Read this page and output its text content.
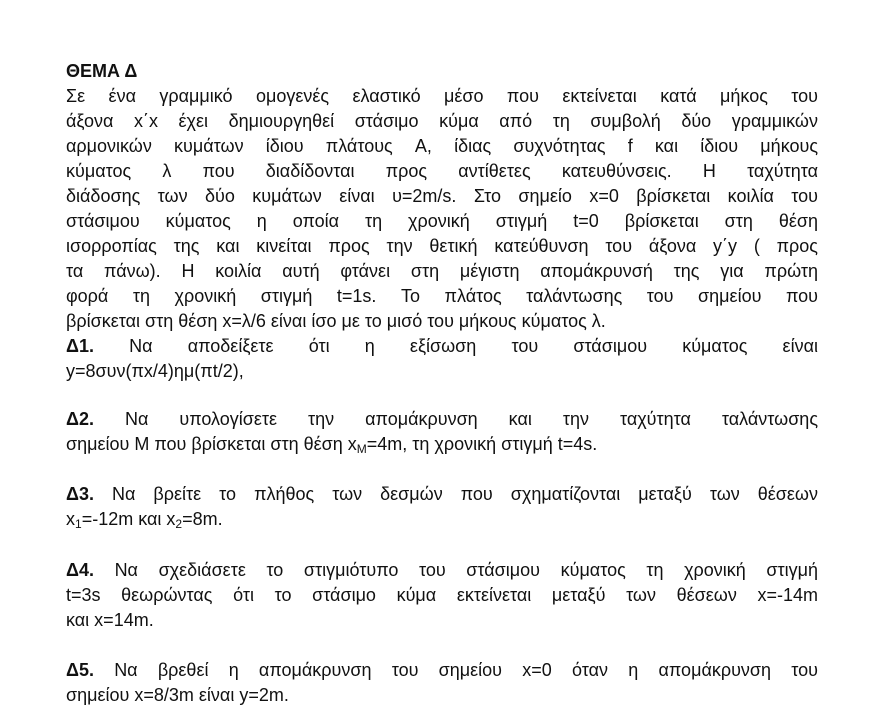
ΘΕΜΑ Δ
Σε ένα γραμμικό ομογενές ελαστικό μέσο που εκτείνεται κατά μήκος του
άξονα x΄x έχει δημιουργηθεί στάσιμο κύμα από τη συμβολή δύο γραμμικών
αρμονικών κυμάτων ίδιου πλάτους A, ίδιας συχνότητας f και ίδιου μήκους
κύματος λ που διαδίδονται προς αντίθετες κατευθύνσεις. Η ταχύτητα
διάδοσης των δύο κυμάτων είναι υ=2m/s. Στο σημείο x=0 βρίσκεται κοιλία του
στάσιμου κύματος η οποία τη χρονική στιγμή t=0 βρίσκεται στη θέση
ισορροπίας της και κινείται προς την θετική κατεύθυνση του άξονα y΄y ( προς
τα πάνω). Η κοιλία αυτή φτάνει στη μέγιστη απομάκρυνσή της για πρώτη
φορά τη χρονική στιγμή t=1s. Το πλάτος ταλάντωσης του σημείου που
βρίσκεται στη θέση x=λ/6 είναι ίσο με το μισό του μήκους κύματος λ.
Δ1. Να αποδείξετε ότι η εξίσωση του στάσιμου κύματος είναι
y=8συν(πx/4)ημ(πt/2),
Δ2. Να υπολογίσετε την απομάκρυνση και την ταχύτητα ταλάντωσης
σημείου Μ που βρίσκεται στη θέση $x_M=4m$, τη χρονική στιγμή t=4s.
Δ3. Να βρείτε το πλήθος των δεσμών που σχηματίζονται μεταξύ των θέσεων
$x_1=-12m$ και $x_2=8m$.
Δ4. Να σχεδιάσετε το στιγμιότυπο του στάσιμου κύματος τη χρονική στιγμή
t=3s θεωρώντας ότι το στάσιμο κύμα εκτείνεται μεταξύ των θέσεων x=-14m
και x=14m.
Δ5. Να βρεθεί η απομάκρυνση του σημείου x=0 όταν η απομάκρυνση του
σημείου x=8/3m είναι y=2m.
